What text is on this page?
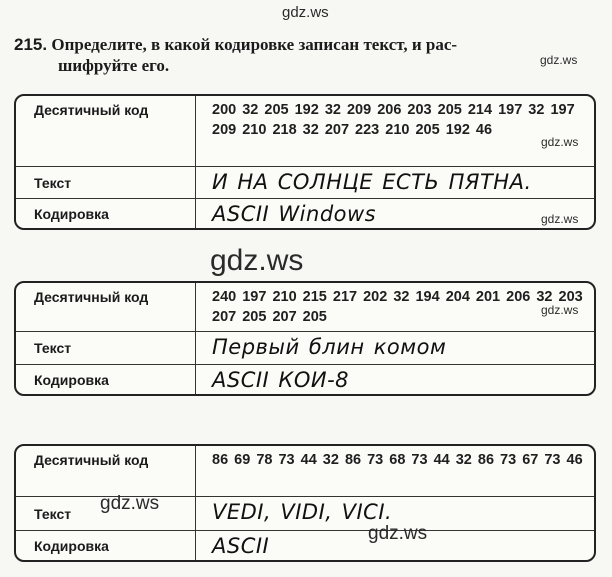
gdz.ws
gdz.ws
215. Определите, в какой кодировке записан текст, и рас-
шифруйте его.
Десятичный код	200 32 205 192 32 209 206 203 205 214 197 32 197 209 210 218 32 207 223 210 205 192 46
Текст	И НА СОЛНЦЕ ЕСТЬ ПЯТНА.
Кодировка	ASCII Windows
gdz.ws
gdz.ws
gdz.ws
Десятичный код	240 197 210 215 217 202 32 194 204 201 206 32 203 207 205 207 205
Текст	Первый блин комом
Кодировка	ASCII КОИ-8
gdz.ws
Десятичный код	86 69 78 73 44 32 86 73 68 73 44 32 86 73 67 73 46
Текст	VEDI, VIDI, VICI.
Кодировка	ASCII
gdz.ws
gdz.ws
